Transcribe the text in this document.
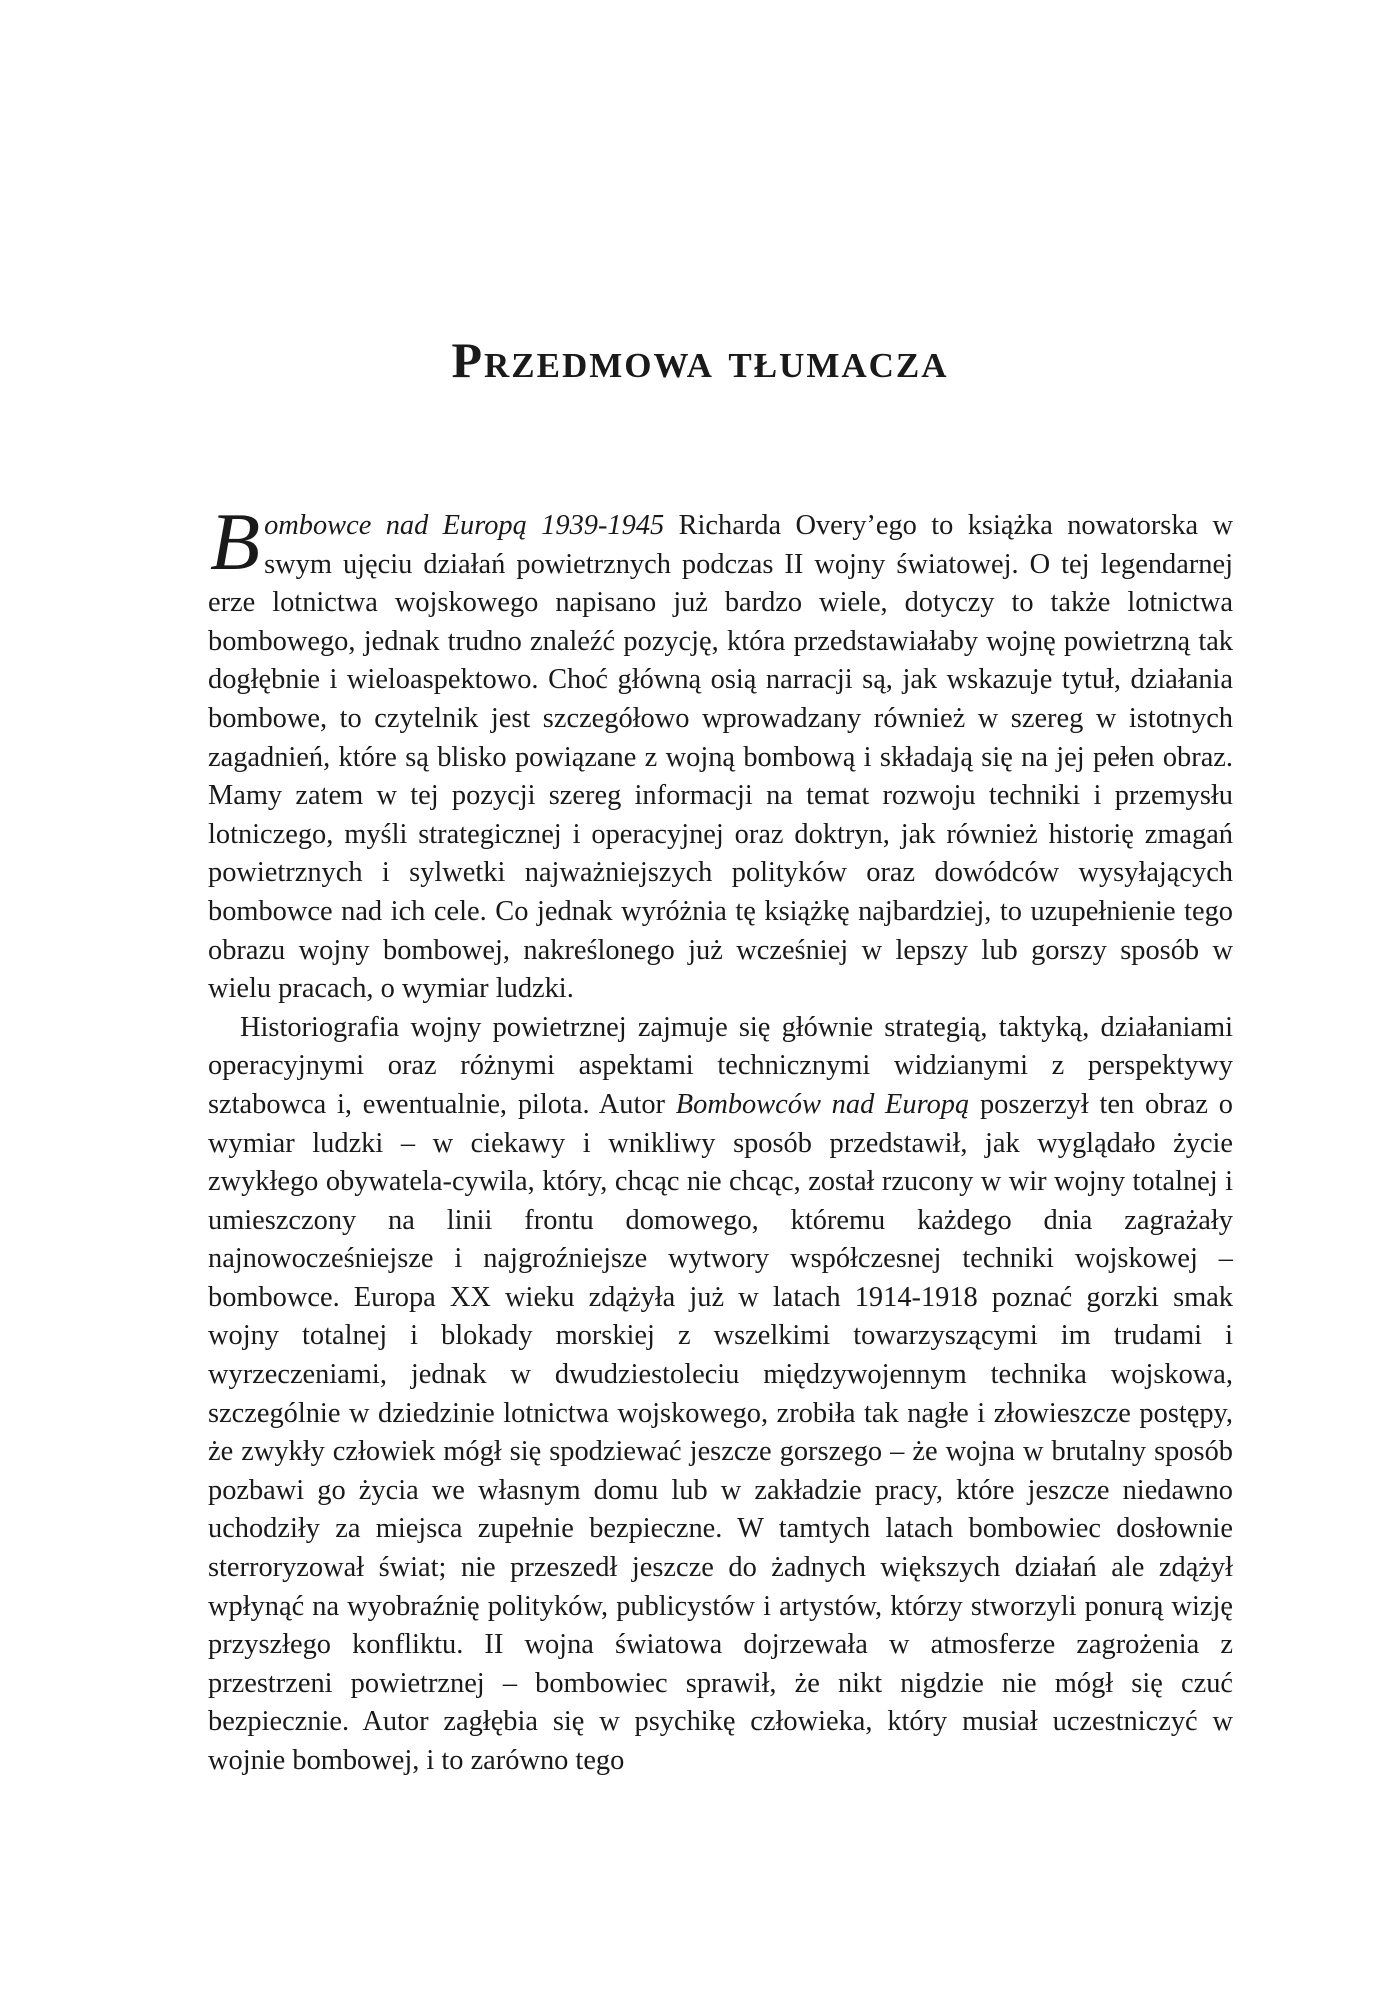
Przedmowa tłumacza

Bombowce nad Europą 1939-1945 Richarda Overy’ego to książka nowatorska w swym ujęciu działań powietrznych podczas II wojny światowej. O tej legendarnej erze lotnictwa wojskowego napisano już bardzo wiele, dotyczy to także lotnictwa bombowego, jednak trudno znaleźć pozycję, która przedstawiałaby wojnę powietrzną tak dogłębnie i wieloaspektowo. Choć główną osią narracji są, jak wskazuje tytuł, działania bombowe, to czytelnik jest szczegółowo wprowadzany również w szereg w istotnych zagadnień, które są blisko powiązane z wojną bombową i składają się na jej pełen obraz. Mamy zatem w tej pozycji szereg informacji na temat rozwoju techniki i przemysłu lotniczego, myśli strategicznej i operacyjnej oraz doktryn, jak również historię zmagań powietrznych i sylwetki najważniejszych polityków oraz dowódców wysyłających bombowce nad ich cele. Co jednak wyróżnia tę książkę najbardziej, to uzupełnienie tego obrazu wojny bombowej, nakreślonego już wcześniej w lepszy lub gorszy sposób w wielu pracach, o wymiar ludzki.

Historiografia wojny powietrznej zajmuje się głównie strategią, taktyką, działaniami operacyjnymi oraz różnymi aspektami technicznymi widzianymi z perspektywy sztabowca i, ewentualnie, pilota. Autor Bombowców nad Europą poszerzył ten obraz o wymiar ludzki – w ciekawy i wnikliwy sposób przedstawił, jak wyglądało życie zwykłego obywatela-cywila, który, chcąc nie chcąc, został rzucony w wir wojny totalnej i umieszczony na linii frontu domowego, któremu każdego dnia zagrażały najnowocześniejsze i najgroźniejsze wytwory współczesnej techniki wojskowej – bombowce. Europa XX wieku zdążyła już w latach 1914-1918 poznać gorzki smak wojny totalnej i blokady morskiej z wszelkimi towarzyszącymi im trudami i wyrzeczeniami, jednak w dwudziestoleciu międzywojennym technika wojskowa, szczególnie w dziedzinie lotnictwa wojskowego, zrobiła tak nagłe i złowieszcze postępy, że zwykły człowiek mógł się spodziewać jeszcze gorszego – że wojna w brutalny sposób pozbawi go życia we własnym domu lub w zakładzie pracy, które jeszcze niedawno uchodziły za miejsca zupełnie bezpieczne. W tamtych latach bombowiec dosłownie sterroryzował świat; nie przeszedł jeszcze do żadnych większych działań ale zdążył wpłynąć na wyobraźnię polityków, publicystów i artystów, którzy stworzyli ponurą wizję przyszłego konfliktu. II wojna światowa dojrzewała w atmosferze zagrożenia z przestrzeni powietrznej – bombowiec sprawił, że nikt nigdzie nie mógł się czuć bezpiecznie. Autor zagłębia się w psychikę człowieka, który musiał uczestniczyć w wojnie bombowej, i to zarówno tego
